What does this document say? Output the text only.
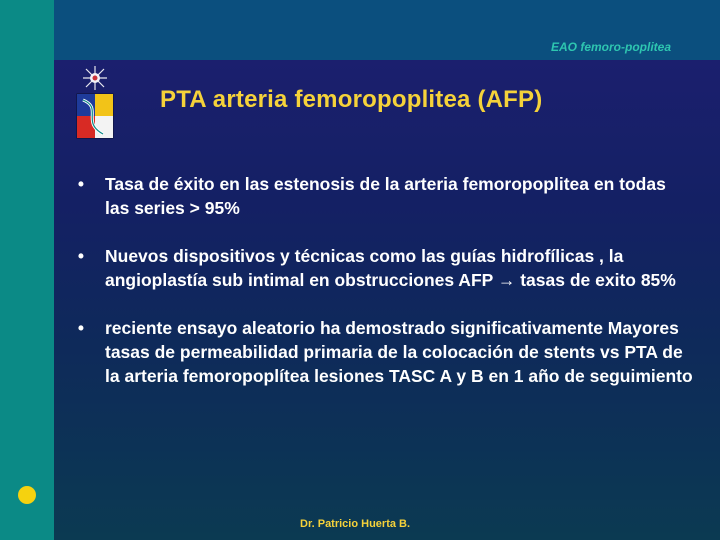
EAO femoro-poplitea
PTA arteria femoropoplitea (AFP)
• Tasa de éxito en las estenosis de la arteria femoropoplitea en todas las series > 95%
• Nuevos dispositivos y técnicas como las guías hidrofílicas , la angioplastía sub intimal en obstrucciones AFP → tasas de exito 85%
• reciente ensayo aleatorio ha demostrado significativamente Mayores tasas de permeabilidad primaria de la colocación de stents vs PTA de la arteria femoropoplítea lesiones TASC A y B en 1 año de seguimiento
Dr. Patricio Huerta B.
